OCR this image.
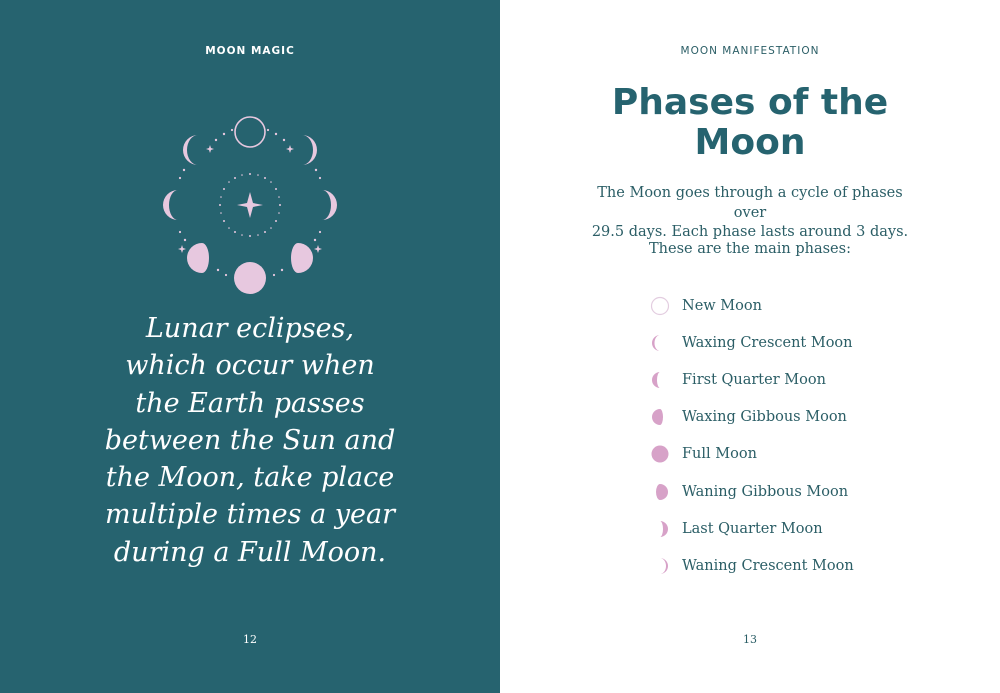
MOON MAGIC
Lunar eclipses,
which occur when
the Earth passes
between the Sun and
the Moon, take place
multiple times a year
during a Full Moon.
12
MOON MANIFESTATION
Phases of the
Moon

The Moon goes through a cycle of phases over
29.5 days. Each phase lasts around 3 days.

These are the main phases:

New Moon
Waxing Crescent Moon
First Quarter Moon
Waxing Gibbous Moon
Full Moon
Waning Gibbous Moon
Last Quarter Moon
Waning Crescent Moon
13
